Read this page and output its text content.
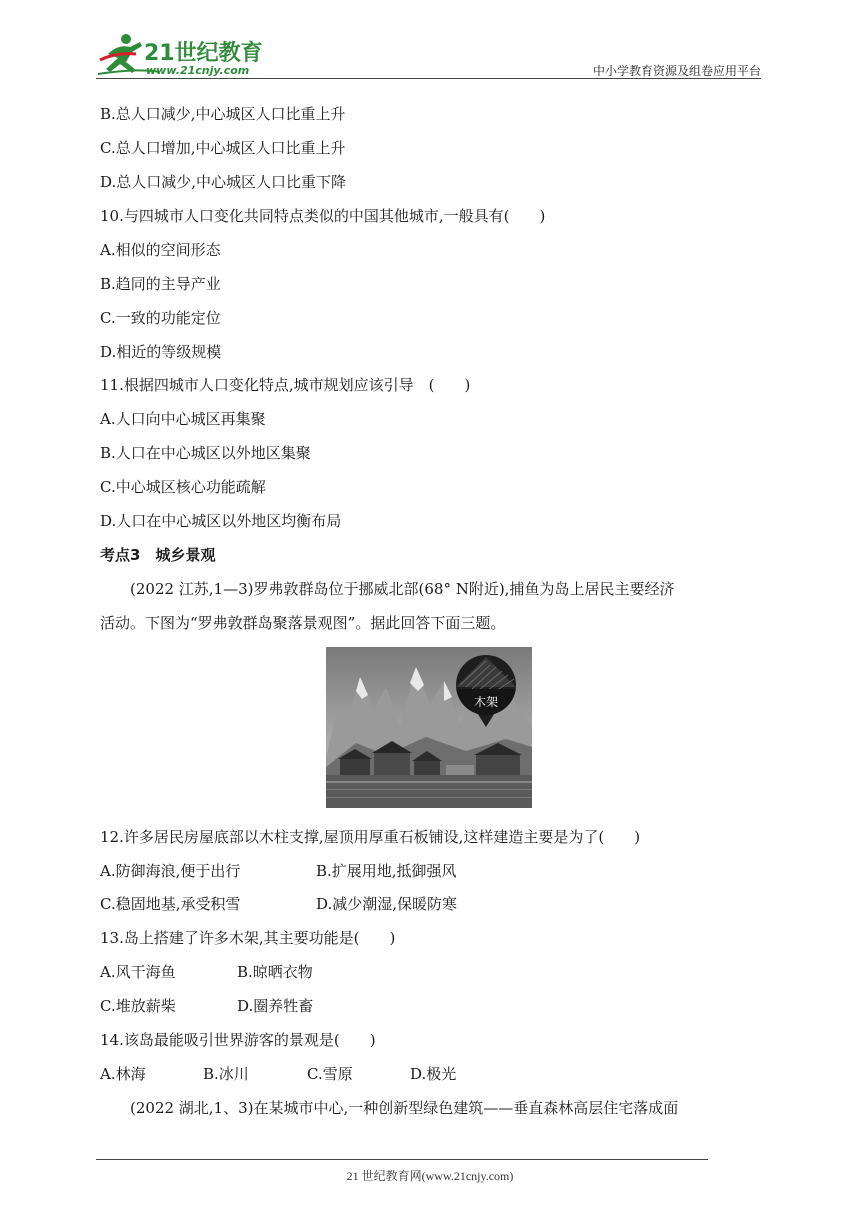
21世纪教育
www.21cnjy.com	中小学教育资源及组卷应用平台
B.总人口减少,中心城区人口比重上升
C.总人口增加,中心城区人口比重上升
D.总人口减少,中心城区人口比重下降
10.与四城市人口变化共同特点类似的中国其他城市,一般具有(　　)
A.相似的空间形态
B.趋同的主导产业
C.一致的功能定位
D.相近的等级规模
11.根据四城市人口变化特点,城市规划应该引导　(　　)
A.人口向中心城区再集聚
B.人口在中心城区以外地区集聚
C.中心城区核心功能疏解
D.人口在中心城区以外地区均衡布局
考点3　城乡景观
(2022 江苏,1—3)罗弗敦群岛位于挪威北部(68° N附近),捕鱼为岛上居民主要经济
活动。下图为“罗弗敦群岛聚落景观图”。据此回答下面三题。
木架
12.许多居民房屋底部以木柱支撑,屋顶用厚重石板铺设,这样建造主要是为了(　　)
A.防御海浪,便于出行	B.扩展用地,抵御强风
C.稳固地基,承受积雪	D.减少潮湿,保暖防寒
13.岛上搭建了许多木架,其主要功能是(　　)
A.风干海鱼	B.晾晒衣物
C.堆放薪柴	D.圈养牲畜
14.该岛最能吸引世界游客的景观是(　　)
A.林海	B.冰川	C.雪原	D.极光
(2022 湖北,1、3)在某城市中心,一种创新型绿色建筑——垂直森林高层住宅落成面
21 世纪教育网(www.21cnjy.com)
